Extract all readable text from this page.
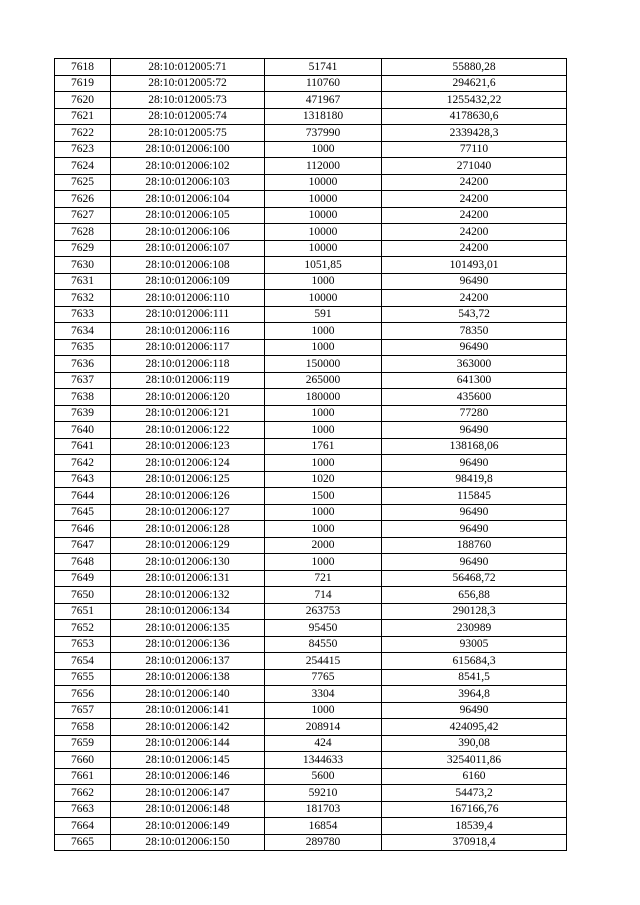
7618	28:10:012005:71	51741	55880,28
7619	28:10:012005:72	110760	294621,6
7620	28:10:012005:73	471967	1255432,22
7621	28:10:012005:74	1318180	4178630,6
7622	28:10:012005:75	737990	2339428,3
7623	28:10:012006:100	1000	77110
7624	28:10:012006:102	112000	271040
7625	28:10:012006:103	10000	24200
7626	28:10:012006:104	10000	24200
7627	28:10:012006:105	10000	24200
7628	28:10:012006:106	10000	24200
7629	28:10:012006:107	10000	24200
7630	28:10:012006:108	1051,85	101493,01
7631	28:10:012006:109	1000	96490
7632	28:10:012006:110	10000	24200
7633	28:10:012006:111	591	543,72
7634	28:10:012006:116	1000	78350
7635	28:10:012006:117	1000	96490
7636	28:10:012006:118	150000	363000
7637	28:10:012006:119	265000	641300
7638	28:10:012006:120	180000	435600
7639	28:10:012006:121	1000	77280
7640	28:10:012006:122	1000	96490
7641	28:10:012006:123	1761	138168,06
7642	28:10:012006:124	1000	96490
7643	28:10:012006:125	1020	98419,8
7644	28:10:012006:126	1500	115845
7645	28:10:012006:127	1000	96490
7646	28:10:012006:128	1000	96490
7647	28:10:012006:129	2000	188760
7648	28:10:012006:130	1000	96490
7649	28:10:012006:131	721	56468,72
7650	28:10:012006:132	714	656,88
7651	28:10:012006:134	263753	290128,3
7652	28:10:012006:135	95450	230989
7653	28:10:012006:136	84550	93005
7654	28:10:012006:137	254415	615684,3
7655	28:10:012006:138	7765	8541,5
7656	28:10:012006:140	3304	3964,8
7657	28:10:012006:141	1000	96490
7658	28:10:012006:142	208914	424095,42
7659	28:10:012006:144	424	390,08
7660	28:10:012006:145	1344633	3254011,86
7661	28:10:012006:146	5600	6160
7662	28:10:012006:147	59210	54473,2
7663	28:10:012006:148	181703	167166,76
7664	28:10:012006:149	16854	18539,4
7665	28:10:012006:150	289780	370918,4
